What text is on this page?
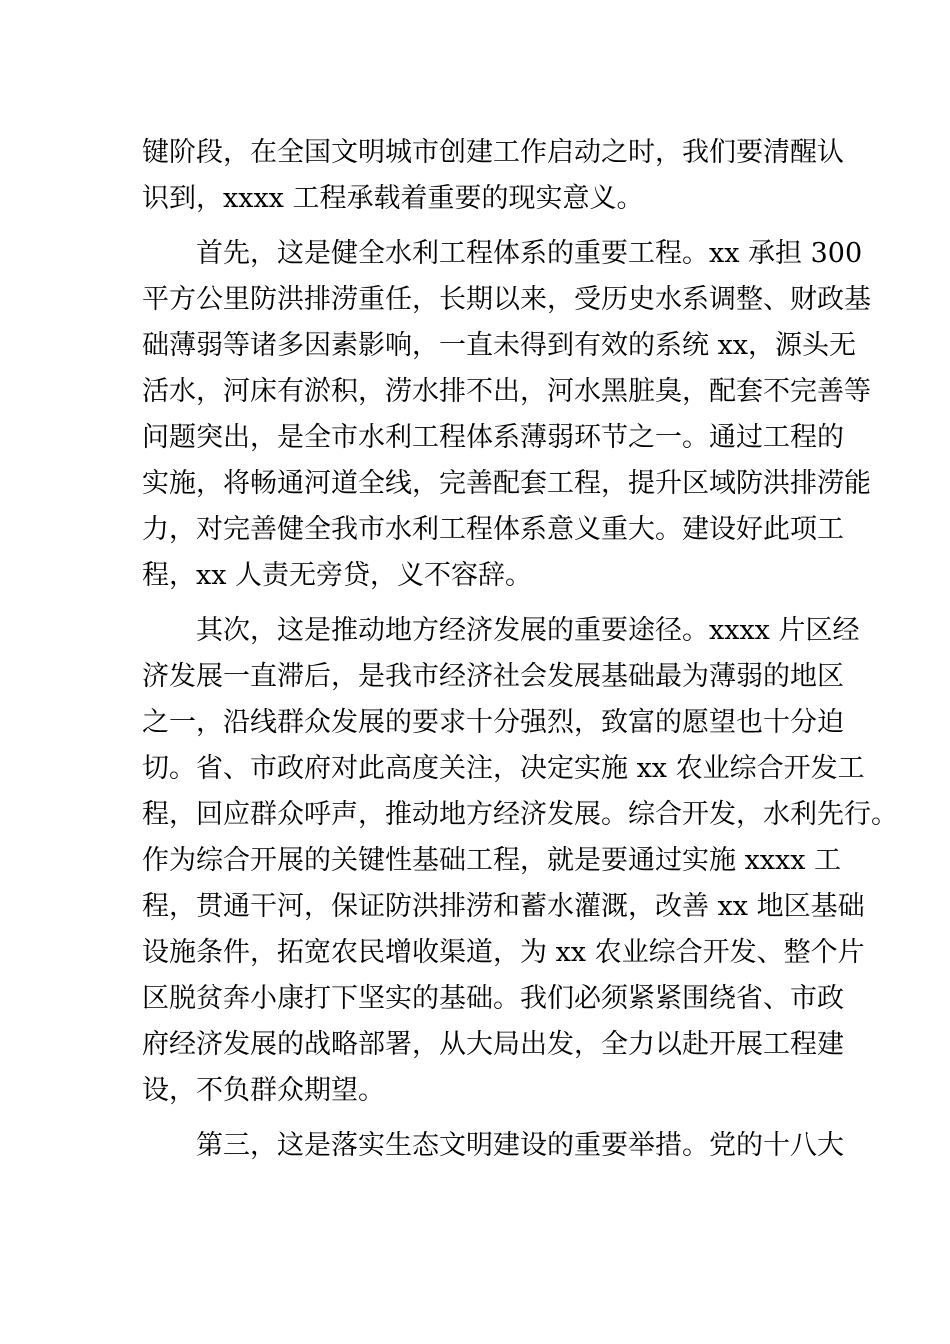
键阶段，在全国文明城市创建工作启动之时，我们要清醒认
识到，xxxx 工程承载着重要的现实意义。
　　首先，这是健全水利工程体系的重要工程。xx 承担 300
平方公里防洪排涝重任，长期以来，受历史水系调整、财政基
础薄弱等诸多因素影响，一直未得到有效的系统 xx，源头无
活水，河床有淤积，涝水排不出，河水黑脏臭，配套不完善等
问题突出，是全市水利工程体系薄弱环节之一。通过工程的
实施，将畅通河道全线，完善配套工程，提升区域防洪排涝能
力，对完善健全我市水利工程体系意义重大。建设好此项工
程，xx 人责无旁贷，义不容辞。
　　其次，这是推动地方经济发展的重要途径。xxxx 片区经
济发展一直滞后，是我市经济社会发展基础最为薄弱的地区
之一，沿线群众发展的要求十分强烈，致富的愿望也十分迫
切。省、市政府对此高度关注，决定实施 xx 农业综合开发工
程，回应群众呼声，推动地方经济发展。综合开发，水利先行。
作为综合开展的关键性基础工程，就是要通过实施 xxxx 工
程，贯通干河，保证防洪排涝和蓄水灌溉，改善 xx 地区基础
设施条件，拓宽农民增收渠道，为 xx 农业综合开发、整个片
区脱贫奔小康打下坚实的基础。我们必须紧紧围绕省、市政
府经济发展的战略部署，从大局出发，全力以赴开展工程建
设，不负群众期望。
　　第三，这是落实生态文明建设的重要举措。党的十八大
